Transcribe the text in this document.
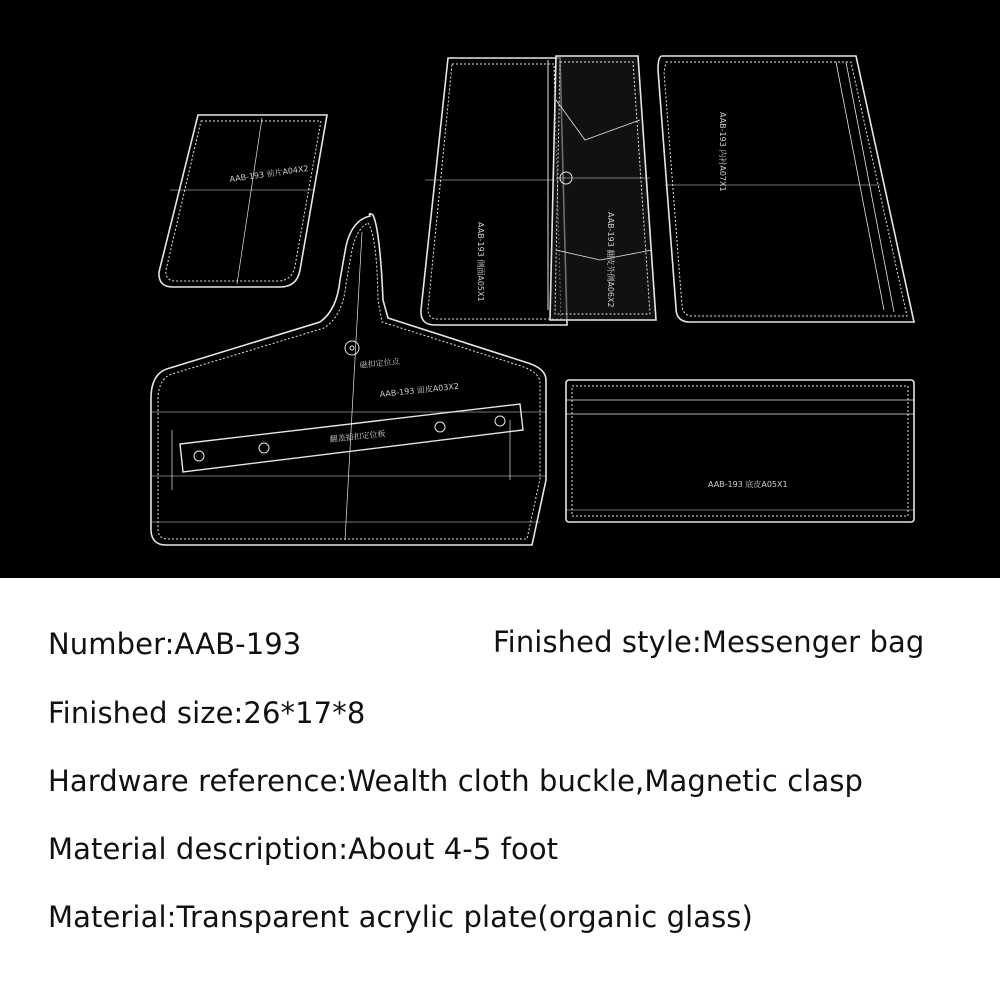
AAB-193 前片A04X2
AAB-193 面皮A03X2
磁扣定位点
翻盖插扣定位板
AAB-193 侧面A05X1	AAB-193 翻皮外侧A06X2
AAB-193 内衬A07X1
AAB-193 底皮A05X1
Number:AAB-193	Finished style:Messenger bag
Finished size:26*17*8
Hardware reference:Wealth cloth buckle,Magnetic clasp
Material description:About 4-5 foot
Material:Transparent acrylic plate(organic glass)
